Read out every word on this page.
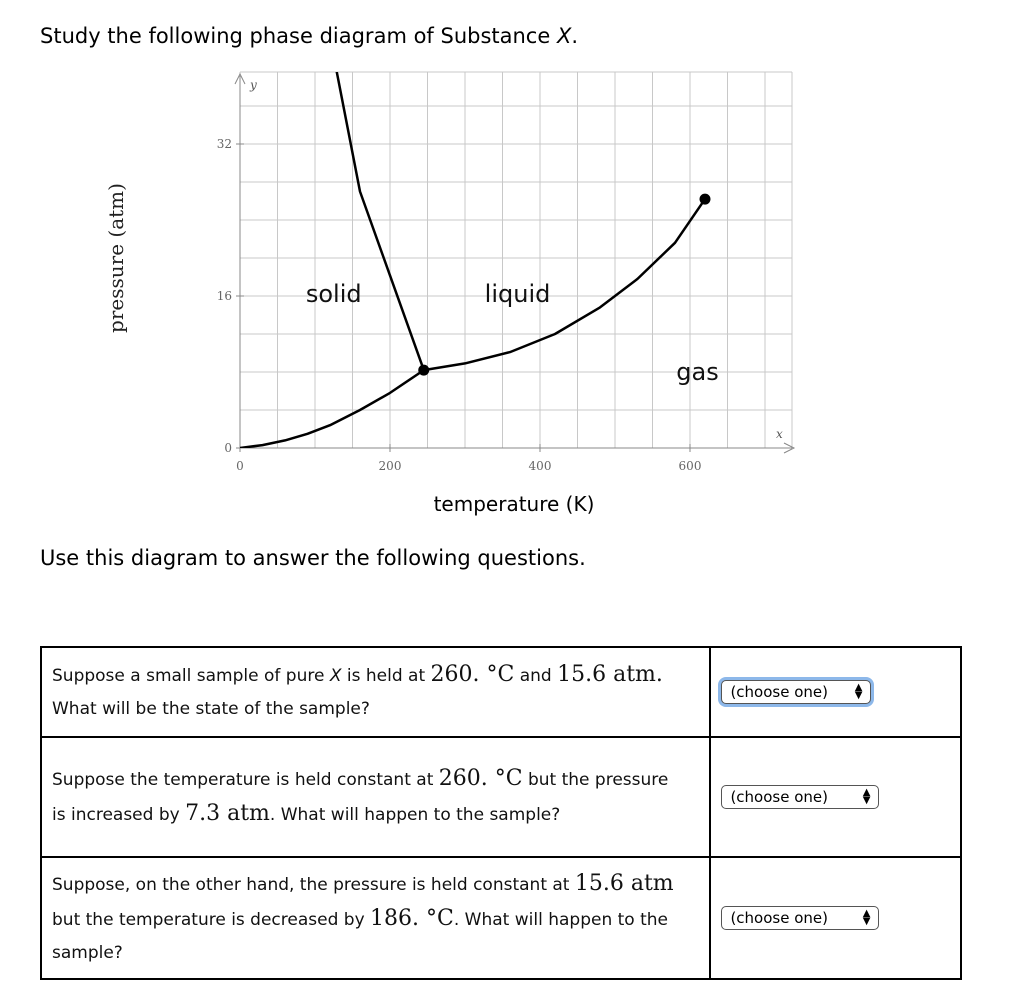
Study the following phase diagram of Substance X.
y
x
0	200	400	600
0
16
32
solid	liquid
gas
pressure (atm)
temperature (K)
Use this diagram to answer the following questions.
Suppose a small sample of pure X is held at 260. °C and 15.6 atm.
What will be the state of the sample?	(choose one) ▲
▼

Suppose the temperature is held constant at 260. °C but the pressure
is increased by 7.3 atm. What will happen to the sample?	(choose one) ▲
▼

Suppose, on the other hand, the pressure is held constant at 15.6 atm
but the temperature is decreased by 186. °C. What will happen to the
sample?	(choose one) ▲
▼
